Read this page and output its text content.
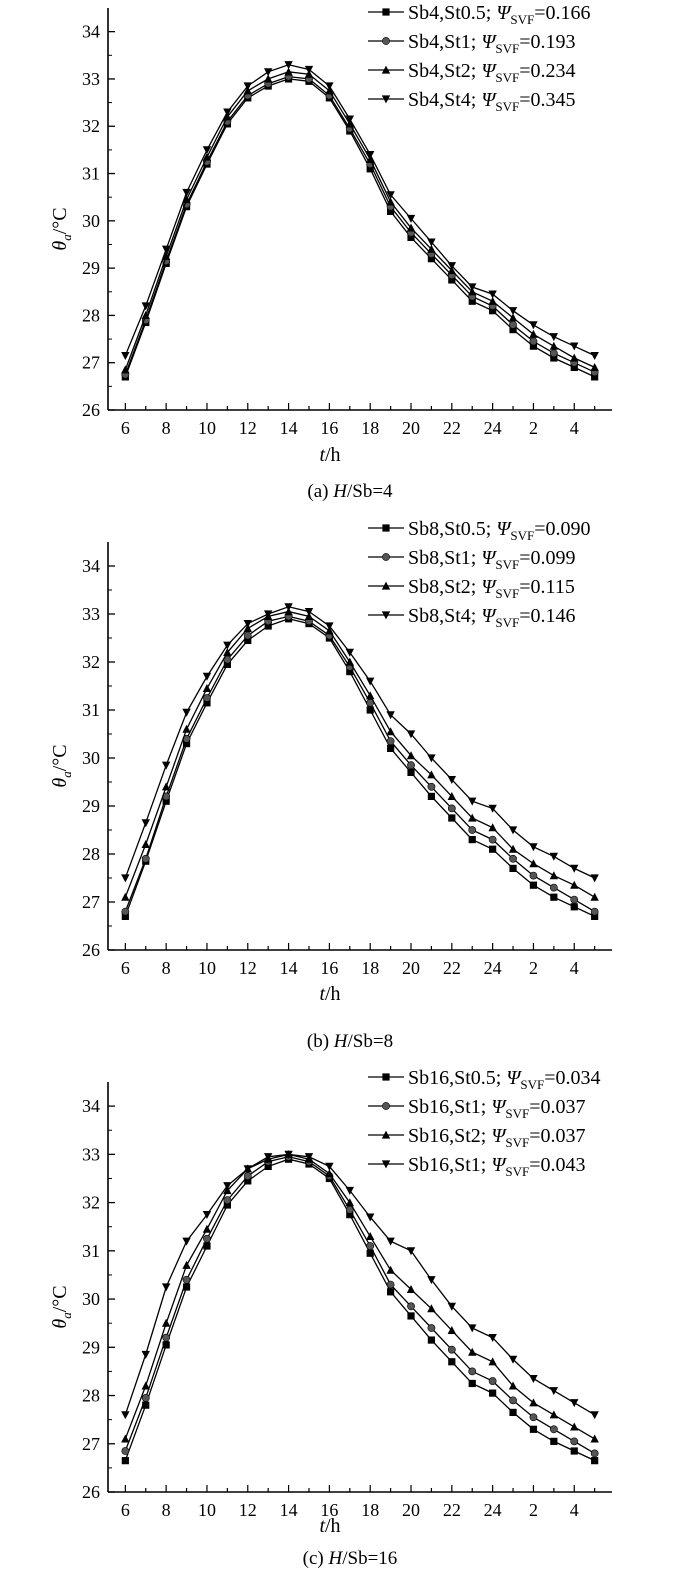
26
27
28
29
30
31
32
33
34
6 8 10 12 14 16 18 20 22 24 2 4
t/h
$\theta_a/^\circ C$
Sb4,St0.5; $\Psi_{SVF}=0.166$
Sb4,St1; $\Psi_{SVF}=0.193$
Sb4,St2; $\Psi_{SVF}=0.234$
Sb4,St4; $\Psi_{SVF}=0.345$
(a) H/Sb=4
26
27
28
29
30
31
32
33
34
6 8 10 12 14 16 18 20 22 24 2 4
t/h
$\theta_a/^\circ C$
Sb8,St0.5; $\Psi_{SVF}=0.090$
Sb8,St1; $\Psi_{SVF}=0.099$
Sb8,St2; $\Psi_{SVF}=0.115$
Sb8,St4; $\Psi_{SVF}=0.146$
(b) H/Sb=8
26
27
28
29
30
31
32
33
34
6 8 10 12 14 16 18 20 22 24 2 4
t/h
$\theta_a/^\circ C$
Sb16,St0.5; $\Psi_{SVF}=0.034$
Sb16,St1; $\Psi_{SVF}=0.037$
Sb16,St2; $\Psi_{SVF}=0.037$
Sb16,St1; $\Psi_{SVF}=0.043$
(c) H/Sb=16
